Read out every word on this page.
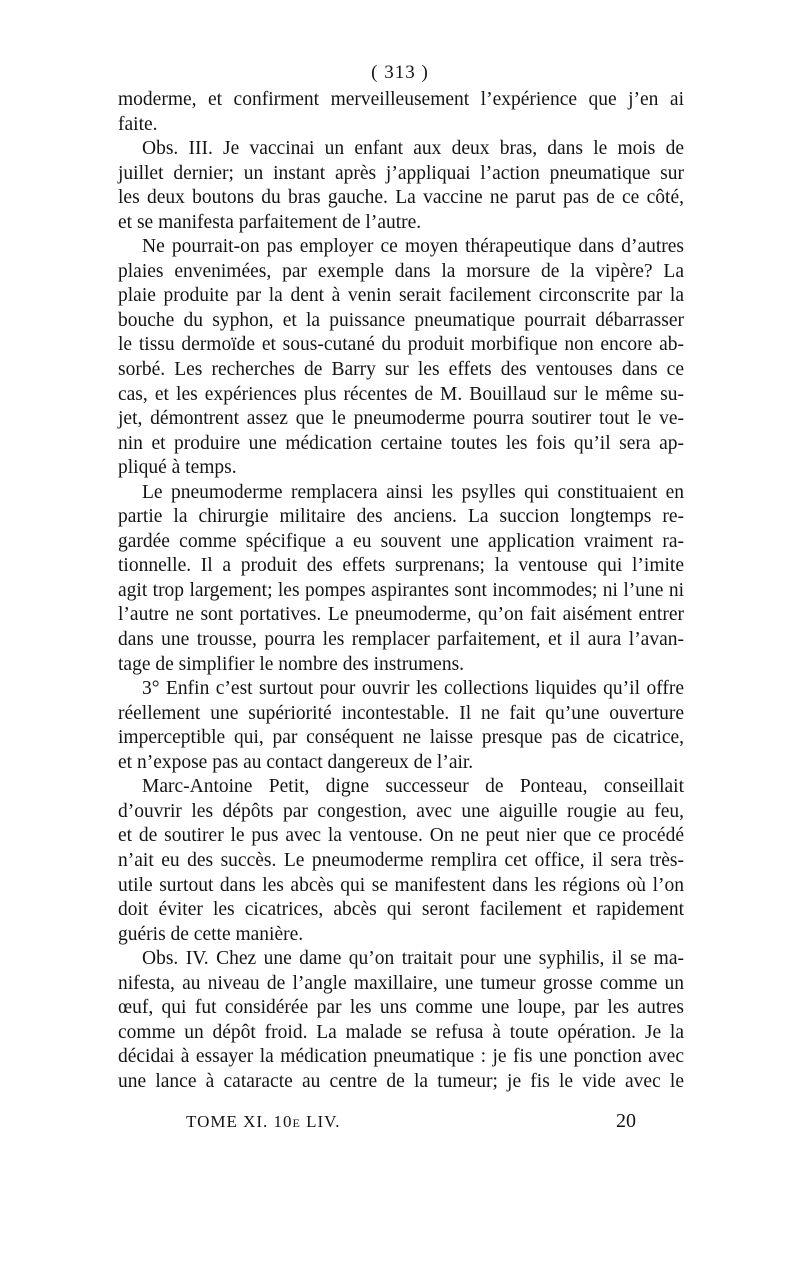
( 313 )
moderme, et confirment merveilleusement l’expérience que j’en ai
faite.
Obs. III. Je vaccinai un enfant aux deux bras, dans le mois de
juillet dernier; un instant après j’appliquai l’action pneumatique sur
les deux boutons du bras gauche. La vaccine ne parut pas de ce côté,
et se manifesta parfaitement de l’autre.
Ne pourrait-on pas employer ce moyen thérapeutique dans d’autres
plaies envenimées, par exemple dans la morsure de la vipère? La
plaie produite par la dent à venin serait facilement circonscrite par la
bouche du syphon, et la puissance pneumatique pourrait débarrasser
le tissu dermoïde et sous-cutané du produit morbifique non encore ab-
sorbé. Les recherches de Barry sur les effets des ventouses dans ce
cas, et les expériences plus récentes de M. Bouillaud sur le même su-
jet, démontrent assez que le pneumoderme pourra soutirer tout le ve-
nin et produire une médication certaine toutes les fois qu’il sera ap-
pliqué à temps.
Le pneumoderme remplacera ainsi les psylles qui constituaient en
partie la chirurgie militaire des anciens. La succion longtemps re-
gardée comme spécifique a eu souvent une application vraiment ra-
tionnelle. Il a produit des effets surprenans; la ventouse qui l’imite
agit trop largement; les pompes aspirantes sont incommodes; ni l’une ni
l’autre ne sont portatives. Le pneumoderme, qu’on fait aisément entrer
dans une trousse, pourra les remplacer parfaitement, et il aura l’avan-
tage de simplifier le nombre des instrumens.
3° Enfin c’est surtout pour ouvrir les collections liquides qu’il offre
réellement une supériorité incontestable. Il ne fait qu’une ouverture
imperceptible qui, par conséquent ne laisse presque pas de cicatrice,
et n’expose pas au contact dangereux de l’air.
Marc-Antoine Petit, digne successeur de Ponteau, conseillait
d’ouvrir les dépôts par congestion, avec une aiguille rougie au feu,
et de soutirer le pus avec la ventouse. On ne peut nier que ce procédé
n’ait eu des succès. Le pneumoderme remplira cet office, il sera très-
utile surtout dans les abcès qui se manifestent dans les régions où l’on
doit éviter les cicatrices, abcès qui seront facilement et rapidement
guéris de cette manière.
Obs. IV. Chez une dame qu’on traitait pour une syphilis, il se ma-
nifesta, au niveau de l’angle maxillaire, une tumeur grosse comme un
œuf, qui fut considérée par les uns comme une loupe, par les autres
comme un dépôt froid. La malade se refusa à toute opération. Je la
décidai à essayer la médication pneumatique : je fis une ponction avec
une lance à cataracte au centre de la tumeur; je fis le vide avec le
TOME XI. 10e LIV.	20
